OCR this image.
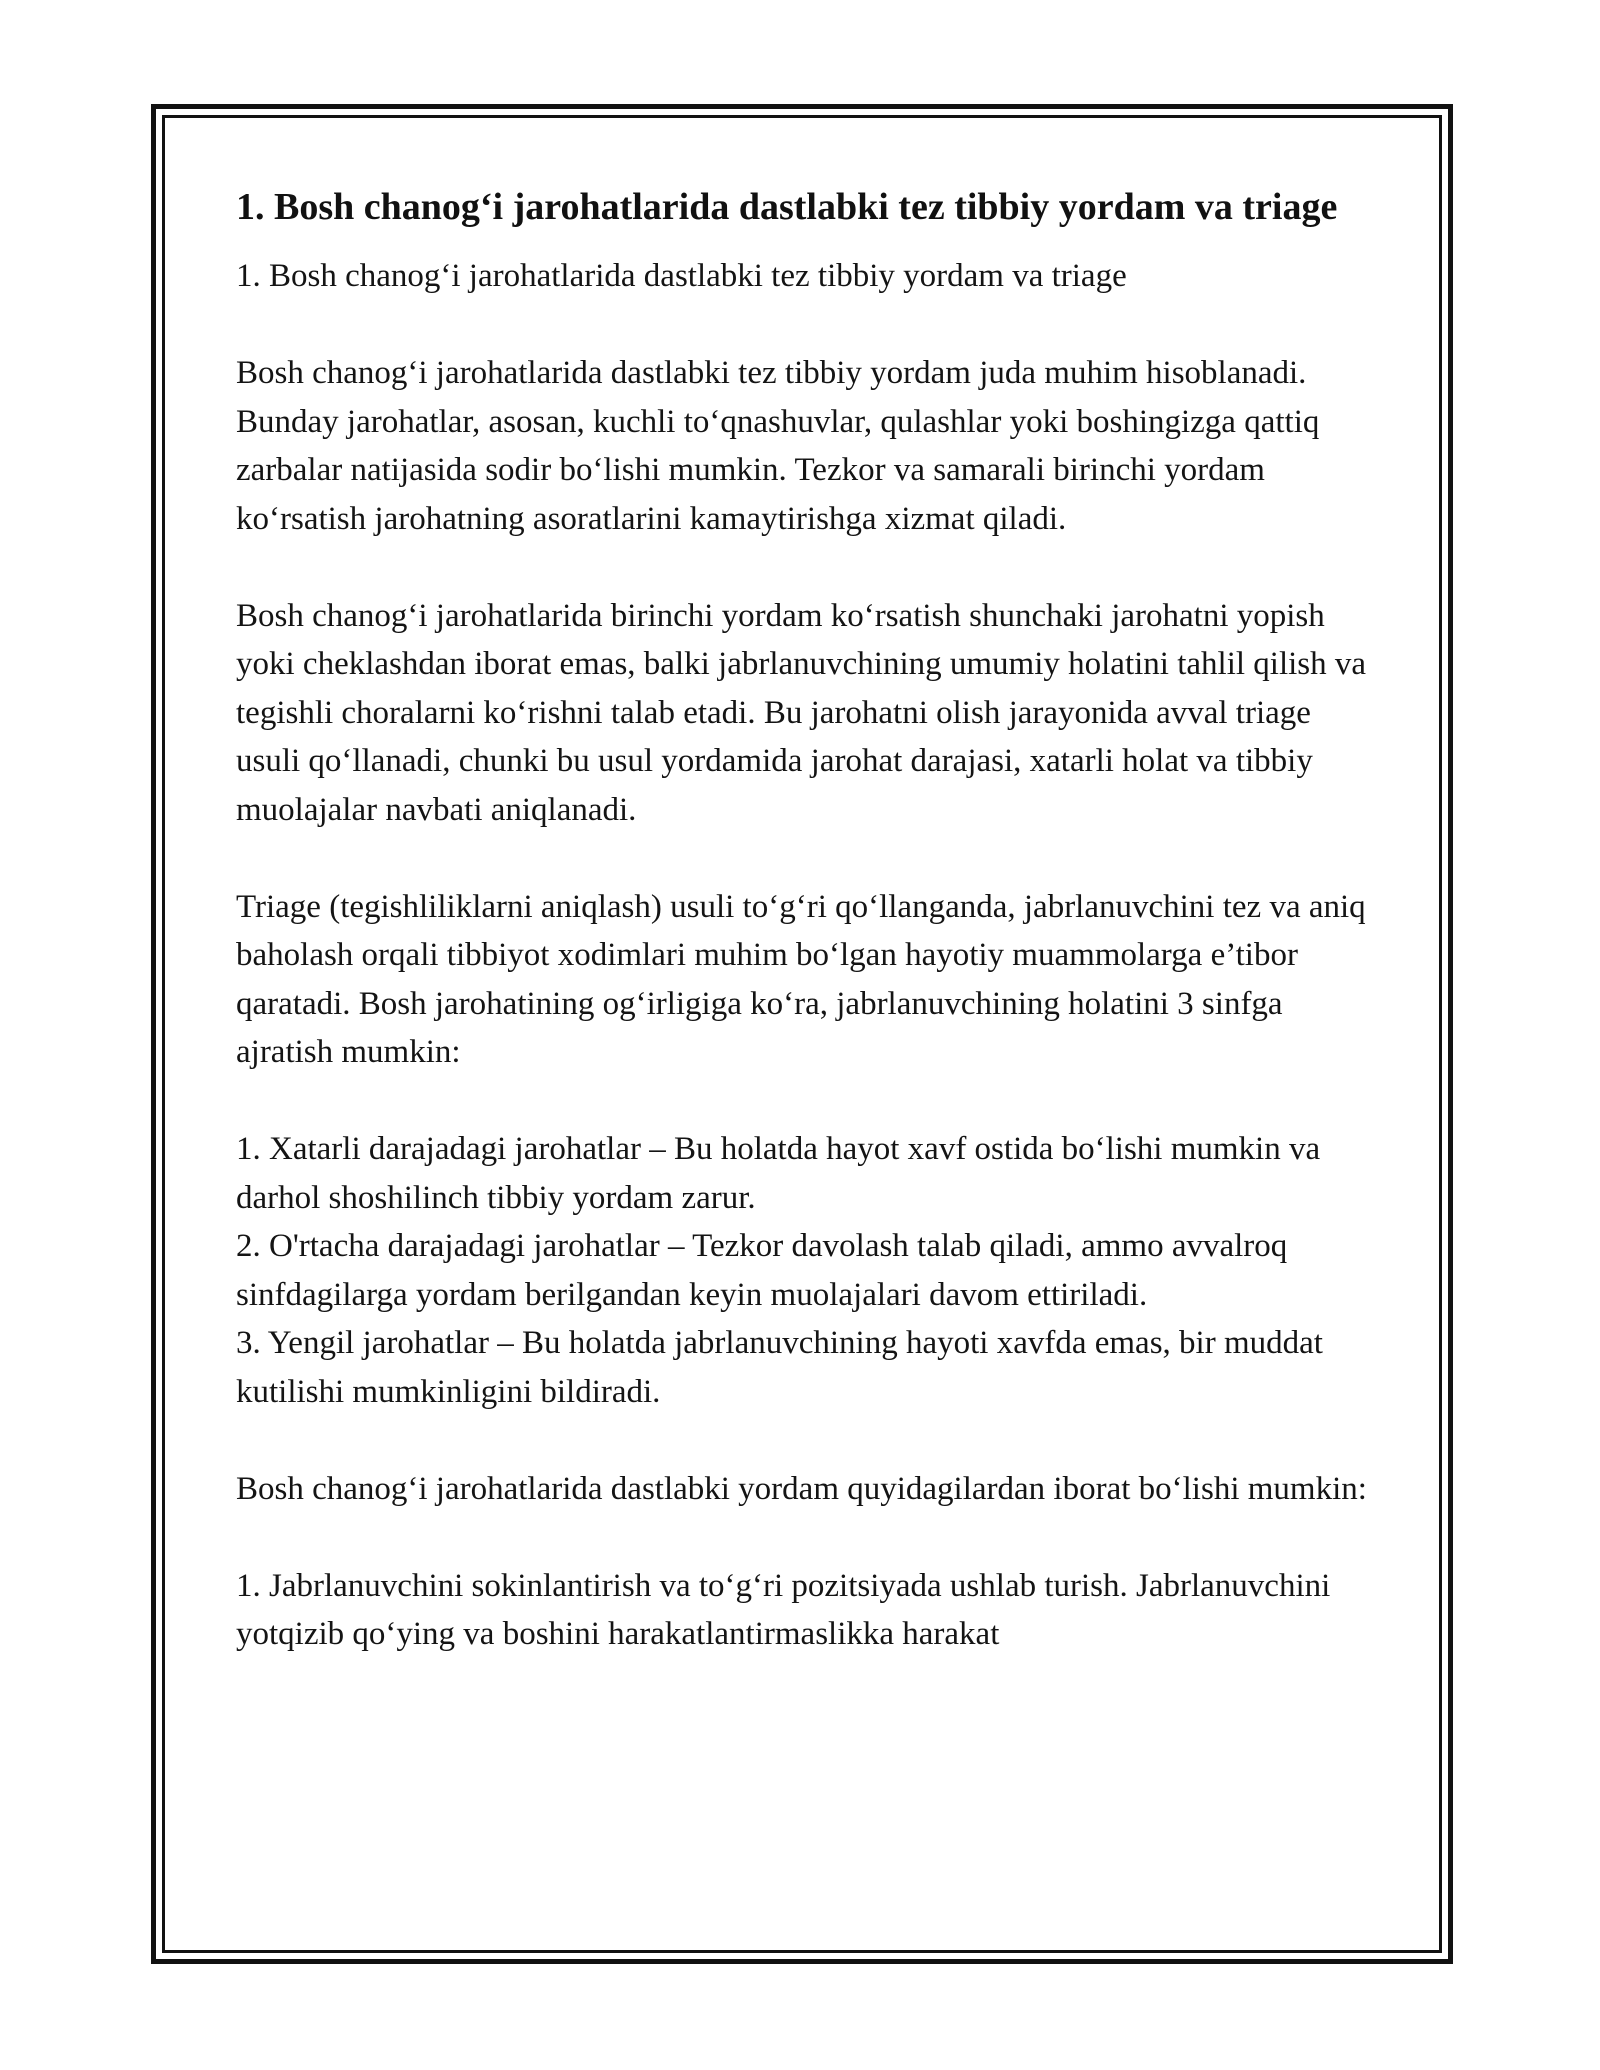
1. Bosh chanog‘i jarohatlarida dastlabki tez tibbiy yordam va triage

1. Bosh chanog‘i jarohatlarida dastlabki tez tibbiy yordam va triage

Bosh chanog‘i jarohatlarida dastlabki tez tibbiy yordam juda muhim hisoblanadi. Bunday jarohatlar, asosan, kuchli to‘qnashuvlar, qulashlar yoki boshingizga qattiq zarbalar natijasida sodir bo‘lishi mumkin. Tezkor va samarali birinchi yordam ko‘rsatish jarohatning asoratlarini kamaytirishga xizmat qiladi.

Bosh chanog‘i jarohatlarida birinchi yordam ko‘rsatish shunchaki jarohatni yopish yoki cheklashdan iborat emas, balki jabrlanuvchining umumiy holatini tahlil qilish va tegishli choralarni ko‘rishni talab etadi. Bu jarohatni olish jarayonida avval triage usuli qo‘llanadi, chunki bu usul yordamida jarohat darajasi, xatarli holat va tibbiy muolajalar navbati aniqlanadi.

Triage (tegishliliklarni aniqlash) usuli to‘g‘ri qo‘llanganda, jabrlanuvchini tez va aniq baholash orqali tibbiyot xodimlari muhim bo‘lgan hayotiy muammolarga e’tibor qaratadi. Bosh jarohatining og‘irligiga ko‘ra, jabrlanuvchining holatini 3 sinfga ajratish mumkin:

1. Xatarli darajadagi jarohatlar – Bu holatda hayot xavf ostida bo‘lishi mumkin va darhol shoshilinch tibbiy yordam zarur.

2. O'rtacha darajadagi jarohatlar – Tezkor davolash talab qiladi, ammo avvalroq sinfdagilarga yordam berilgandan keyin muolajalari davom ettiriladi.

3. Yengil jarohatlar – Bu holatda jabrlanuvchining hayoti xavfda emas, bir muddat kutilishi mumkinligini bildiradi.

Bosh chanog‘i jarohatlarida dastlabki yordam quyidagilardan iborat bo‘lishi mumkin:

1. Jabrlanuvchini sokinlantirish va to‘g‘ri pozitsiyada ushlab turish. Jabrlanuvchini yotqizib qo‘ying va boshini harakatlantirmaslikka harakat
